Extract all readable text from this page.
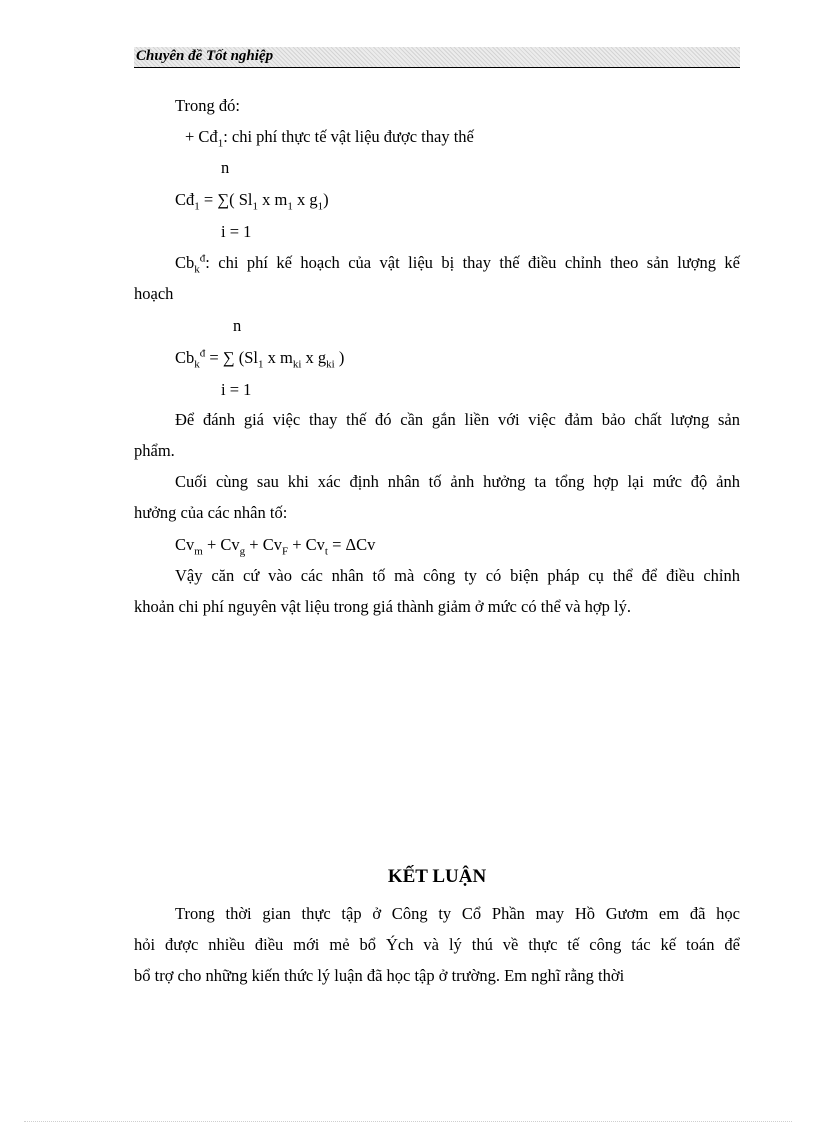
Chuyên đề Tốt nghiệp
Trong đó:
+ $Cđ_1$: chi phí thực tế vật liệu được thay thế
n
$Cđ_1$ = ∑( $Sl_1$ x $m_1$ x $g_1$)
i = 1
$Cb_k^đ$: chi phí kế hoạch của vật liệu bị thay thế điều chỉnh theo sản lượng kế
hoạch
n
$Cb_k^đ$ = ∑ ($Sl_1$ x $m_{ki}$ x $g_{ki}$ )
i = 1
Để đánh giá việc thay thế đó cần gắn liền với việc đảm bảo chất lượng sản
phẩm.
Cuối cùng sau khi xác định nhân tố ảnh hưởng ta tổng hợp lại mức độ ảnh
hưởng của các nhân tố:
$Cv_m + Cv_g + Cv_F + Cv_t = \Delta Cv$
Vậy căn cứ vào các nhân tố mà công ty có biện pháp cụ thể để điều chỉnh
khoản chi phí nguyên vật liệu trong giá thành giảm ở mức có thể và hợp lý.
KẾT LUẬN
Trong thời gian thực tập ở Công ty Cổ Phần may Hồ Gươm em đã học
hỏi được nhiều điều mới mẻ bổ Ých và lý thú về thực tế công tác kế toán để
bổ trợ cho những kiến thức lý luận đã học tập ở trường. Em nghĩ rằng thời
